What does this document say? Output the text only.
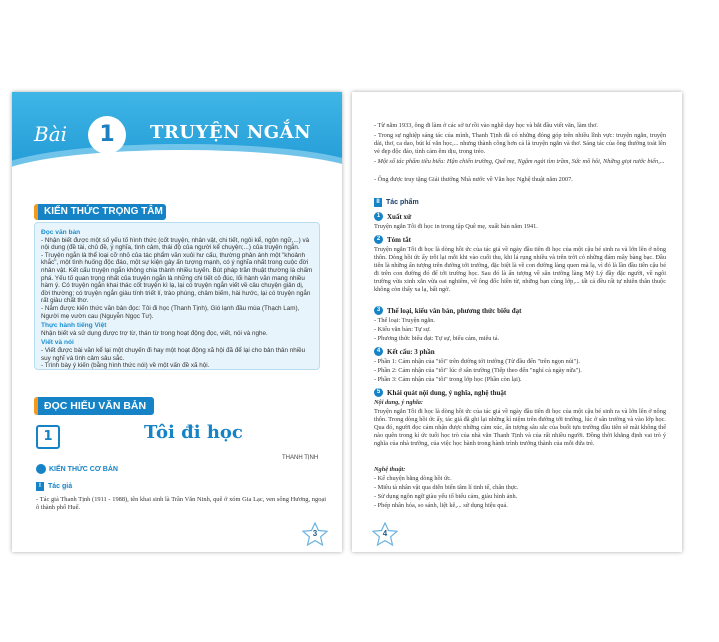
Bài	1	TRUYỆN NGẮN
KIẾN THỨC TRỌNG TÂM
Đọc văn bản

- Nhận biết được một số yếu tố hình thức (cốt truyện, nhân vật, chi tiết, ngôi kể, ngôn ngữ,...) và nội dung (đề tài, chủ đề, ý nghĩa, tình cảm, thái độ của người kể chuyện;...) của truyện ngắn.

- Truyện ngắn là thể loại cỡ nhỏ của tác phẩm văn xuôi hư cấu, thường phản ánh một "khoảnh khắc", một tình huống độc đáo, một sự kiện gây ấn tượng mạnh, có ý nghĩa nhất trong cuộc đời nhân vật. Kết cấu truyện ngắn không chia thành nhiều tuyến. Bút pháp trần thuật thường là chấm phá. Yếu tố quan trọng nhất của truyện ngắn là những chi tiết cô đúc, lối hành văn mang nhiều hàm ý. Có truyện ngắn khai thác cốt truyện kì lạ, lại có truyện ngắn viết về câu chuyện giản dị, đời thường; có truyện ngắn giàu tính triết lí, trào phúng, châm biếm, hài hước, lại có truyện ngắn rất giàu chất thơ.

- Nắm được kiến thức văn bản đọc: Tôi đi học (Thanh Tịnh), Gió lạnh đầu mùa (Thạch Lam), Người mẹ vườn cau (Nguyễn Ngọc Tư).

Thực hành tiếng Việt

Nhận biết và sử dụng được trợ từ, thán từ trong hoạt động đọc, viết, nói và nghe.

Viết và nói

- Viết được bài văn kể lại một chuyến đi hay một hoạt động xã hội đã để lại cho bản thân nhiều suy nghĩ và tình cảm sâu sắc.

- Trình bày ý kiến (bằng hình thức nói) về một vấn đề xã hội.

ĐỌC HIỂU VĂN BẢN
1	Tôi đi học
THANH TỊNH
KIẾN THỨC CƠ BẢN
I	Tác giả
- Tác giả Thanh Tịnh (1911 - 1988), tên khai sinh là Trần Văn Ninh, quê ở xóm Gia Lạc, ven sông Hương, ngoại ô thành phố Huế.
3
- Từ năm 1933, ông đi làm ở các sở tư rồi vào nghề dạy học và bắt đầu viết văn, làm thơ.
- Trong sự nghiệp sáng tác của mình, Thanh Tịnh đã có những đóng góp trên nhiều lĩnh vực: truyện ngắn, truyện dài, thơ, ca dao, bút kí văn học,... nhưng thành công hơn cả là truyện ngắn và thơ. Sáng tác của ông thường toát lên vẻ đẹp độc đáo, tình cảm êm dịu, trong trẻo.
- Một số tác phẩm tiêu biểu: Hận chiến trường, Quê mẹ, Ngậm ngải tìm trầm, Sức mồ hôi, Những giọt nước biển,...
- Ông được truy tặng Giải thưởng Nhà nước về Văn học Nghệ thuật năm 2007.
II Tác phẩm
1 Xuất xứ
Truyện ngắn Tôi đi học in trong tập Quê mẹ, xuất bản năm 1941.
2 Tóm tắt
Truyện ngắn Tôi đi học là dòng hồi ức của tác giả về ngày đầu tiên đi học của một cậu bé sinh ra và lớn lên ở nông thôn. Dòng hồi ức ấy trỗi lại mỗi khi vào cuối thu, khi lá rụng nhiều và trên trời có những đám mây bàng bạc. Đầu tiên là những ấn tượng trên đường tới trường, đặc biệt là về con đường làng quen mà lạ, vì đó là lần đầu tiên cậu bé đi trên con đường đó để tới trường học. Sau đó là ấn tượng về sân trường làng Mỹ Lý đầy đặc người, về ngôi trường vừa xinh xắn vừa oai nghiêm, về ông đốc hiền từ, những bạn cùng lớp,... tất cả đều rất tự nhiên thân thuộc không còn thấy xa lạ, bất ngờ.
3 Thể loại, kiểu văn bản, phương thức biểu đạt
- Thể loại: Truyện ngắn.
- Kiểu văn bản: Tự sự.
- Phương thức biểu đạt: Tự sự, biểu cảm, miêu tả.
4 Kết cấu: 3 phần
- Phần 1: Cảm nhận của "tôi" trên đường tới trường (Từ đầu đến "trên ngọn núi").
- Phần 2: Cảm nhận của "tôi" lúc ở sân trường (Tiếp theo đến "nghỉ cả ngày nữa").
- Phần 3: Cảm nhận của "tôi" trong lớp học (Phần còn lại).
5 Khái quát nội dung, ý nghĩa, nghệ thuật
Nội dung, ý nghĩa:
Truyện ngắn Tôi đi học là dòng hồi ức của tác giả về ngày đầu tiên đi học của một cậu bé sinh ra và lớn lên ở nông thôn. Trong dòng hồi ức ấy, tác giả đã ghi lại những kỉ niệm trên đường tới trường, lúc ở sân trường và vào lớp học. Qua đó, người đọc cảm nhận được những cảm xúc, ấn tượng sâu sắc của buổi tựu trường đầu tiên sẽ mãi không thể nào quên trong kí ức tuổi học trò của nhà văn Thanh Tịnh và của rất nhiều người. Đồng thời khẳng định vai trò ý nghĩa của nhà trường, của việc học hành trong hành trình trưởng thành của mỗi đứa trẻ.
Nghệ thuật:
- Kể chuyện bằng dòng hồi ức.
- Miêu tả nhân vật qua diễn biến tâm lí tinh tế, chân thực.
- Sử dụng ngôn ngữ giàu yếu tố biểu cảm, giàu hình ảnh.
- Phép nhân hóa, so sánh, liệt kê,... sử dụng hiệu quả.
4
